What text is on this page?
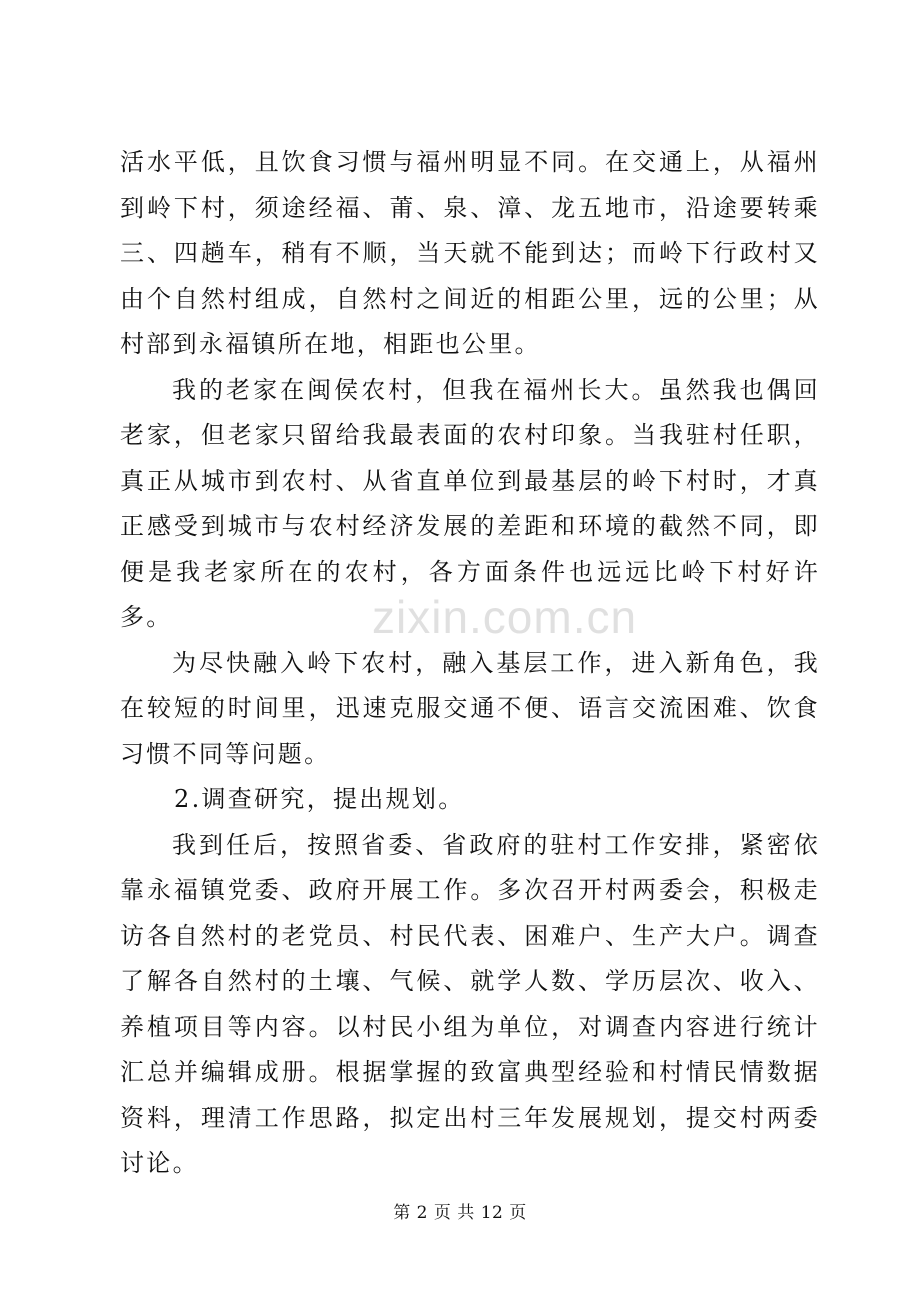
活水平低，且饮食习惯与福州明显不同。在交通上，从福州到岭下村，须途经福、莆、泉、漳、龙五地市，沿途要转乘三、四趟车，稍有不顺，当天就不能到达；而岭下行政村又由个自然村组成，自然村之间近的相距公里，远的公里；从村部到永福镇所在地，相距也公里。

我的老家在闽侯农村，但我在福州长大。虽然我也偶回老家，但老家只留给我最表面的农村印象。当我驻村任职，真正从城市到农村、从省直单位到最基层的岭下村时，才真正感受到城市与农村经济发展的差距和环境的截然不同，即便是我老家所在的农村，各方面条件也远远比岭下村好许多。

为尽快融入岭下农村，融入基层工作，进入新角色，我在较短的时间里，迅速克服交通不便、语言交流困难、饮食习惯不同等问题。

2.调查研究，提出规划。

我到任后，按照省委、省政府的驻村工作安排，紧密依靠永福镇党委、政府开展工作。多次召开村两委会，积极走访各自然村的老党员、村民代表、困难户、生产大户。调查了解各自然村的土壤、气候、就学人数、学历层次、收入、养植项目等内容。以村民小组为单位，对调查内容进行统计汇总并编辑成册。根据掌握的致富典型经验和村情民情数据资料，理清工作思路，拟定出村三年发展规划，提交村两委讨论。

zixin.com.cn
第 2 页 共 12 页
